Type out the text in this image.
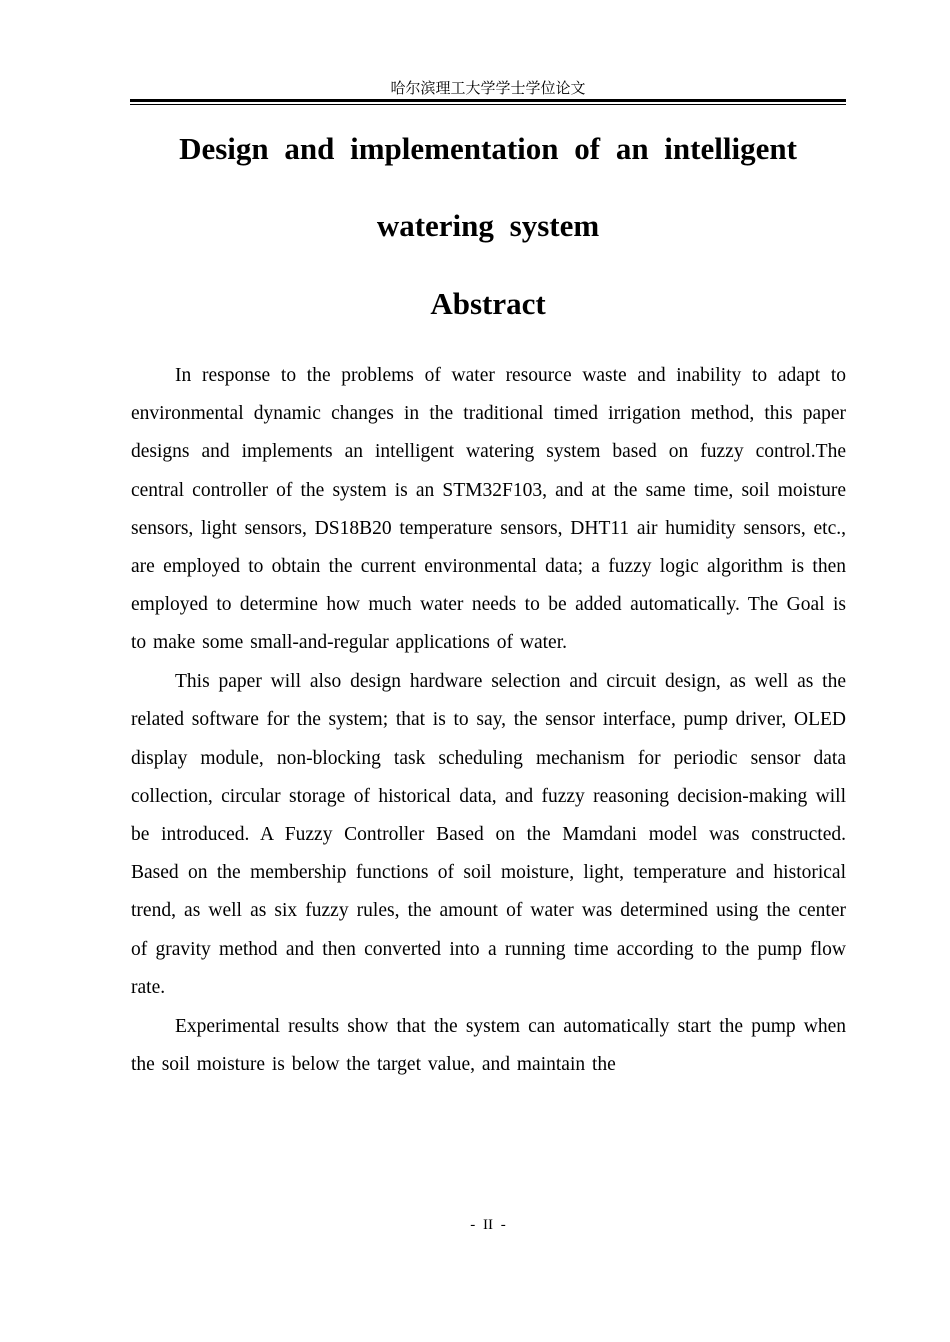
哈尔滨理工大学学士学位论文
Design and implementation of an intelligent
watering system
Abstract

In response to the problems of water resource waste and inability to adapt to environmental dynamic changes in the traditional timed irrigation method, this paper designs and implements an intelligent watering system based on fuzzy control.The central controller of the system is an STM32F103, and at the same time, soil moisture sensors, light sensors, DS18B20 temperature sensors, DHT11 air humidity sensors, etc., are employed to obtain the current environmental data; a fuzzy logic algorithm is then employed to determine how much water needs to be added automatically. The Goal is to make some small-and-regular applications of water.

This paper will also design hardware selection and circuit design, as well as the related software for the system; that is to say, the sensor interface, pump driver, OLED display module, non-blocking task scheduling mechanism for periodic sensor data collection, circular storage of historical data, and fuzzy reasoning decision-making will be introduced. A Fuzzy Controller Based on the Mamdani model was constructed. Based on the membership functions of soil moisture, light, temperature and historical trend, as well as six fuzzy rules, the amount of water was determined using the center of gravity method and then converted into a running time according to the pump flow rate.

Experimental results show that the system can automatically start the pump when the soil moisture is below the target value, and maintain the

- II -
